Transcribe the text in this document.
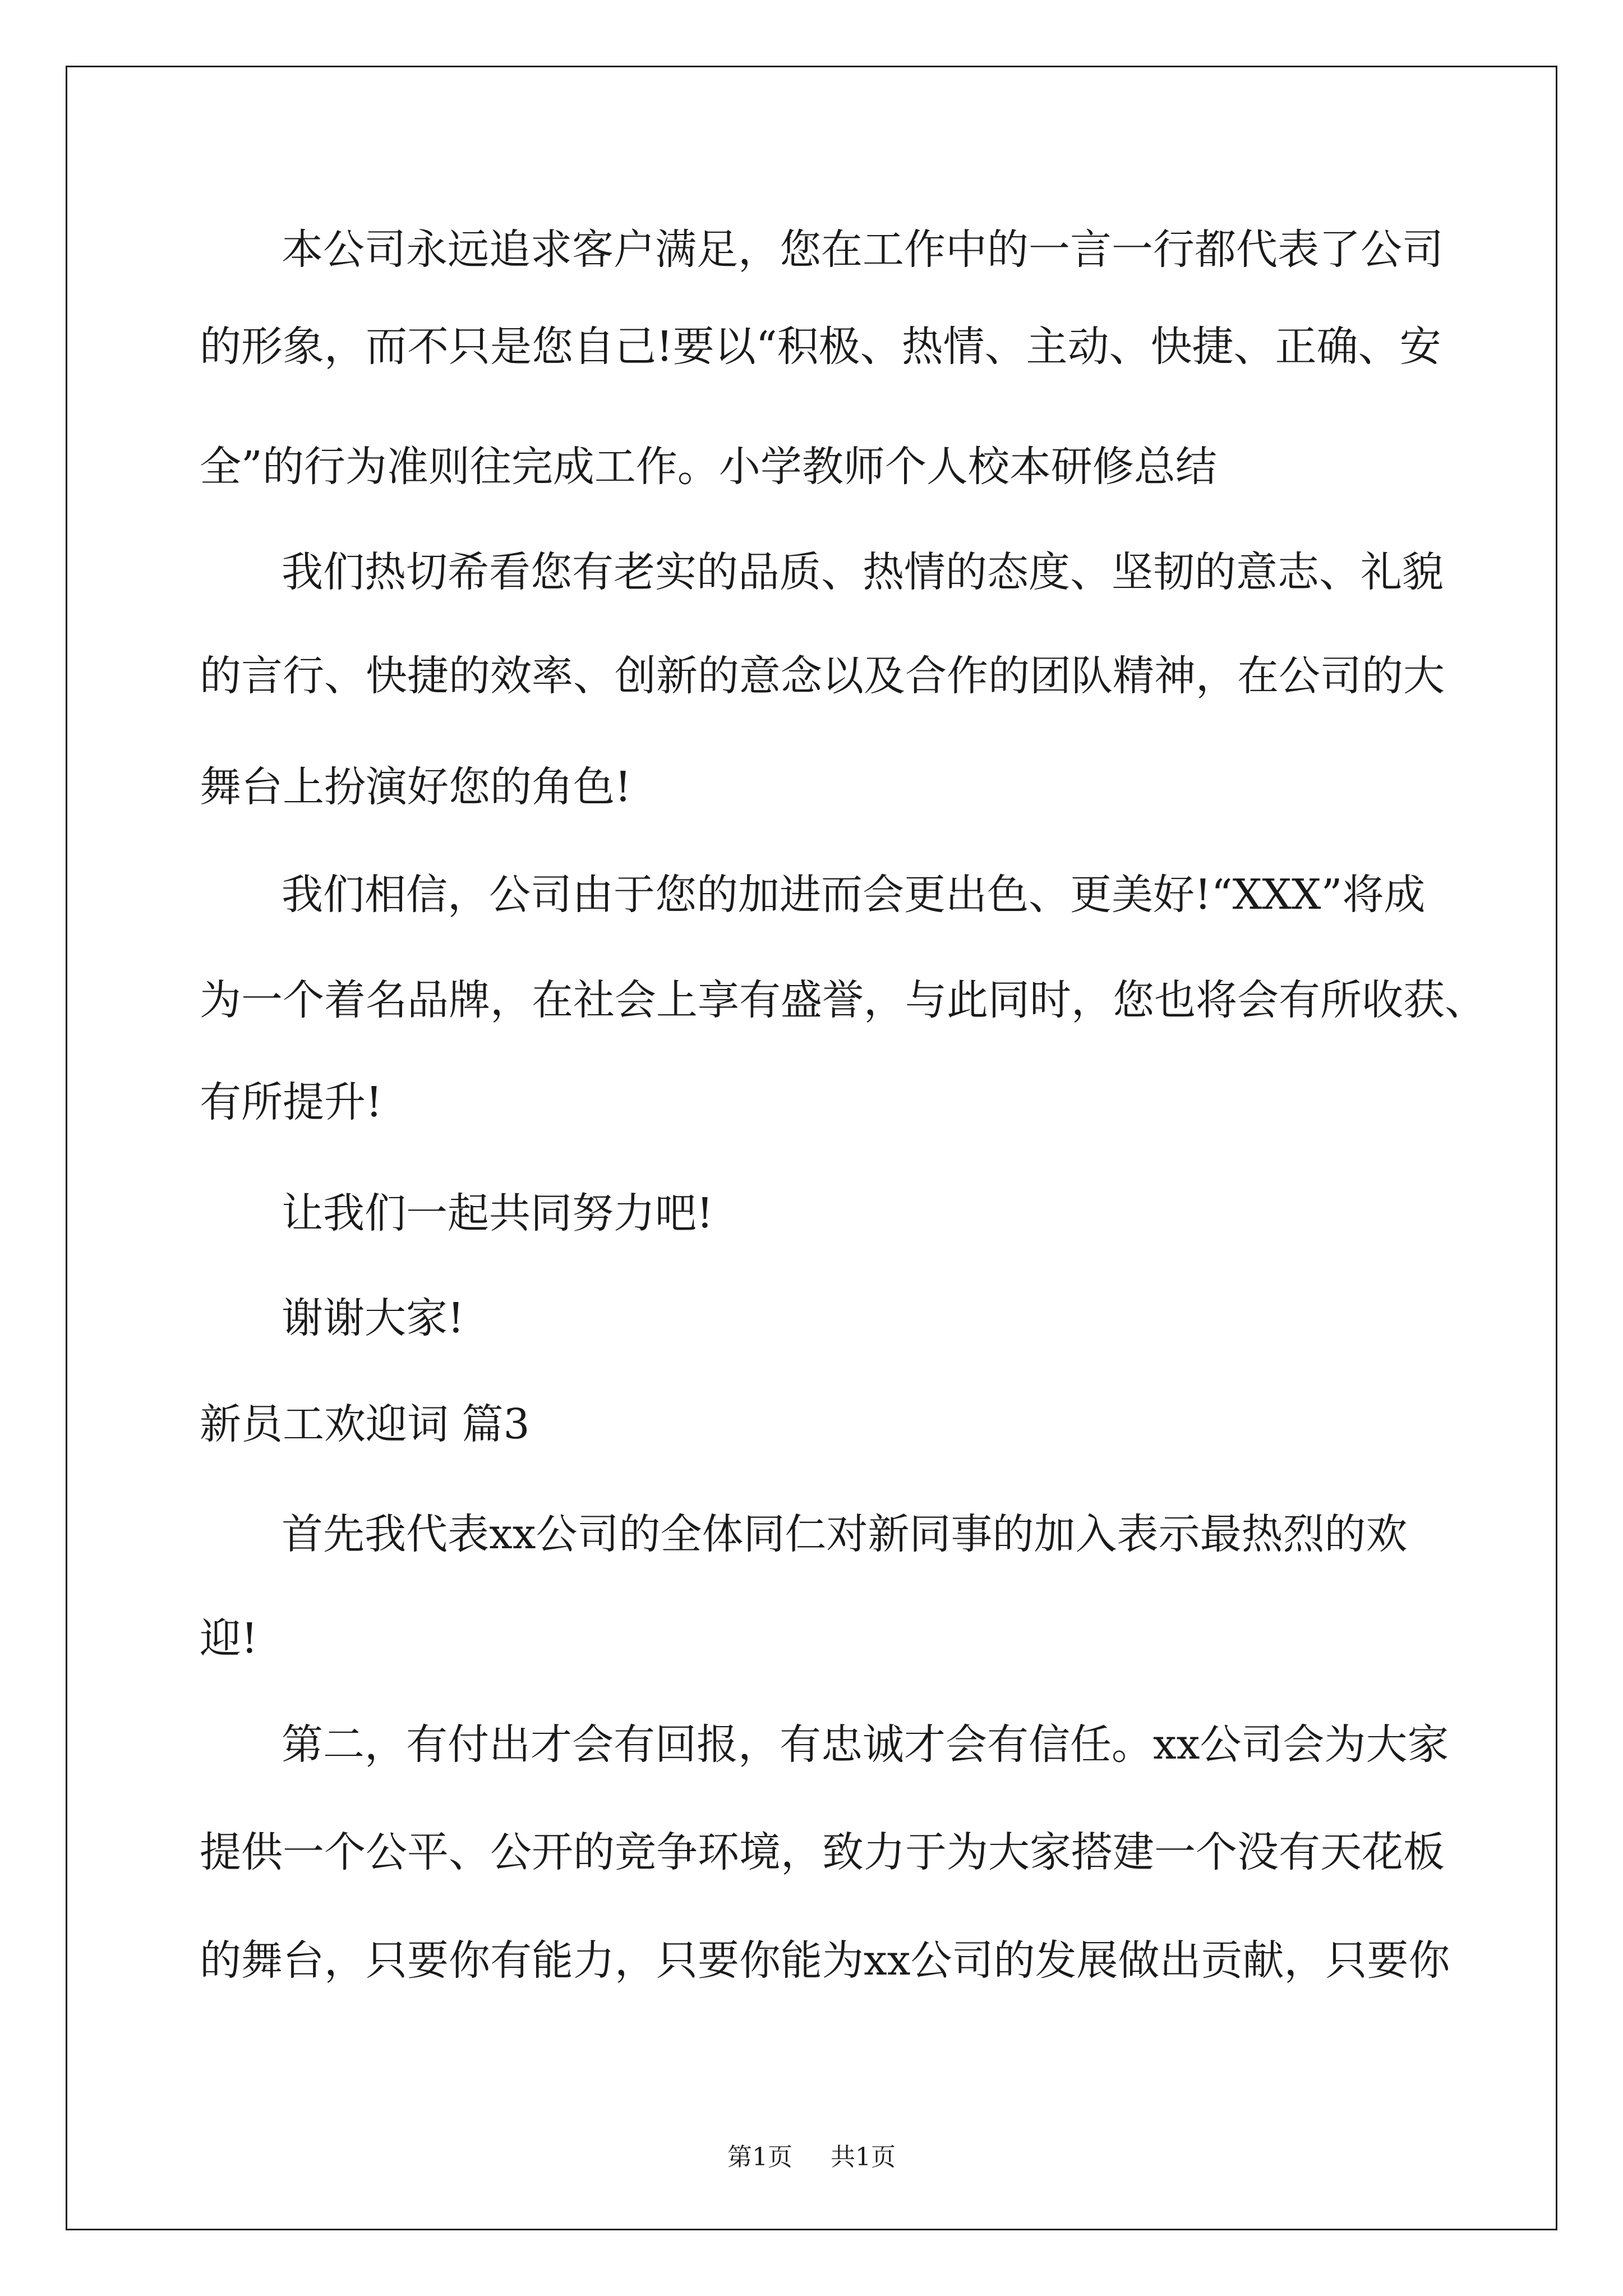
本公司永远追求客户满足，您在工作中的一言一行都代表了公司
的形象，而不只是您自己!要以“积极、热情、主动、快捷、正确、安
全”的行为准则往完成工作。小学教师个人校本研修总结
我们热切希看您有老实的品质、热情的态度、坚韧的意志、礼貌
的言行、快捷的效率、创新的意念以及合作的团队精神，在公司的大
舞台上扮演好您的角色!
我们相信，公司由于您的加进而会更出色、更美好!“XXX”将成
为一个着名品牌，在社会上享有盛誉，与此同时，您也将会有所收获、
有所提升!
让我们一起共同努力吧!
谢谢大家!
新员工欢迎词 篇3
首先我代表xx公司的全体同仁对新同事的加入表示最热烈的欢
迎!
第二，有付出才会有回报，有忠诚才会有信任。xx公司会为大家
提供一个公平、公开的竞争环境，致力于为大家搭建一个没有天花板
的舞台，只要你有能力，只要你能为xx公司的发展做出贡献，只要你
第1页 共1页
